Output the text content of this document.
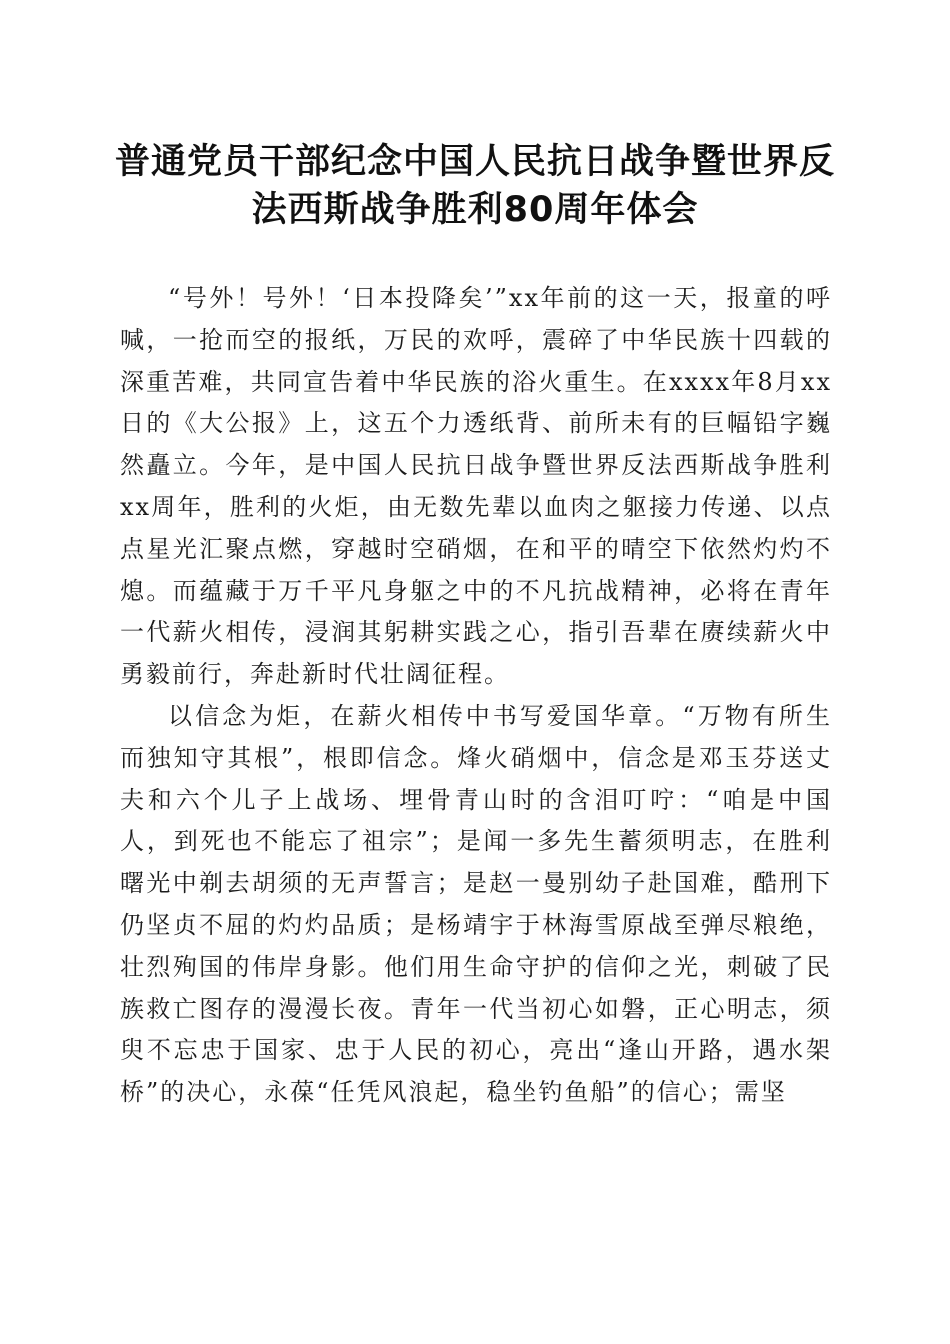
普通党员干部纪念中国人民抗日战争暨世界反
法西斯战争胜利80周年体会

“号外！号外！‘日本投降矣’”xx年前的这一天，报童的呼喊，一抢而空的报纸，万民的欢呼，震碎了中华民族十四载的深重苦难，共同宣告着中华民族的浴火重生。在xxxx年8月xx日的《大公报》上，这五个力透纸背、前所未有的巨幅铅字巍然矗立。今年，是中国人民抗日战争暨世界反法西斯战争胜利xx周年，胜利的火炬，由无数先辈以血肉之躯接力传递、以点点星光汇聚点燃，穿越时空硝烟，在和平的晴空下依然灼灼不熄。而蕴藏于万千平凡身躯之中的不凡抗战精神，必将在青年一代薪火相传，浸润其躬耕实践之心，指引吾辈在赓续薪火中勇毅前行，奔赴新时代壮阔征程。

以信念为炬，在薪火相传中书写爱国华章。“万物有所生而独知守其根”，根即信念。烽火硝烟中，信念是邓玉芬送丈夫和六个儿子上战场、埋骨青山时的含泪叮咛：“咱是中国人，到死也不能忘了祖宗”；是闻一多先生蓄须明志，在胜利曙光中剃去胡须的无声誓言；是赵一曼别幼子赴国难，酷刑下仍坚贞不屈的灼灼品质；是杨靖宇于林海雪原战至弹尽粮绝，壮烈殉国的伟岸身影。他们用生命守护的信仰之光，刺破了民族救亡图存的漫漫长夜。青年一代当初心如磐，正心明志，须臾不忘忠于国家、忠于人民的初心，亮出“逢山开路，遇水架桥”的决心，永葆“任凭风浪起，稳坐钓鱼船”的信心；需坚
